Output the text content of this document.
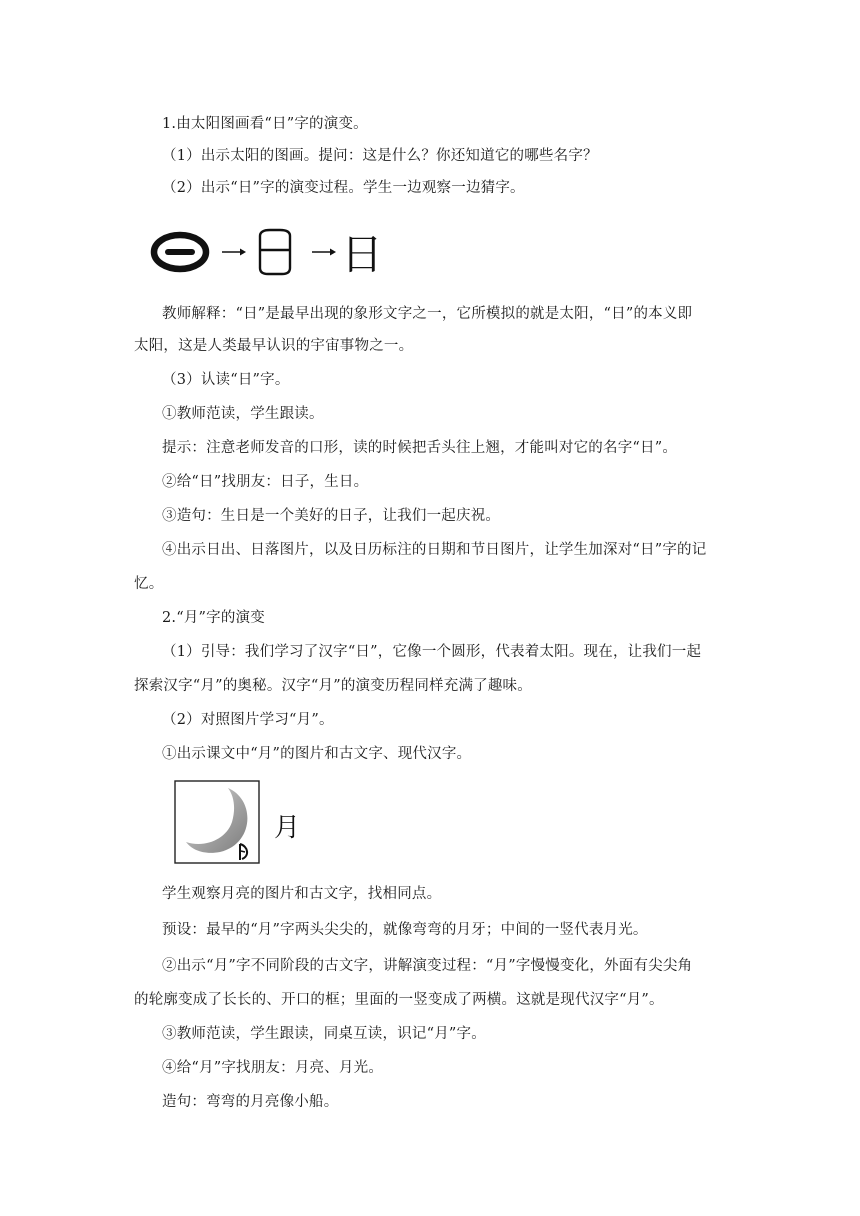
1.由太阳图画看“日”字的演变。
（1）出示太阳的图画。提问：这是什么？你还知道它的哪些名字？
（2）出示“日”字的演变过程。学生一边观察一边猜字。
日
教师解释：“日”是最早出现的象形文字之一，它所模拟的就是太阳，“日”的本义即
太阳，这是人类最早认识的宇宙事物之一。
（3）认读“日”字。
①教师范读，学生跟读。
提示：注意老师发音的口形，读的时候把舌头往上翘，才能叫对它的名字“日”。
②给“日”找朋友：日子，生日。
③造句：生日是一个美好的日子，让我们一起庆祝。
④出示日出、日落图片，以及日历标注的日期和节日图片，让学生加深对“日”字的记
忆。
2.“月”字的演变
（1）引导：我们学习了汉字“日”，它像一个圆形，代表着太阳。现在，让我们一起
探索汉字“月”的奥秘。汉字“月”的演变历程同样充满了趣味。
（2）对照图片学习“月”。
①出示课文中“月”的图片和古文字、现代汉字。
月
学生观察月亮的图片和古文字，找相同点。
预设：最早的“月”字两头尖尖的，就像弯弯的月牙；中间的一竖代表月光。
②出示“月”字不同阶段的古文字，讲解演变过程：“月”字慢慢变化，外面有尖尖角
的轮廓变成了长长的、开口的框；里面的一竖变成了两横。这就是现代汉字“月”。
③教师范读，学生跟读，同桌互读，识记“月”字。
④给“月”字找朋友：月亮、月光。
造句：弯弯的月亮像小船。
